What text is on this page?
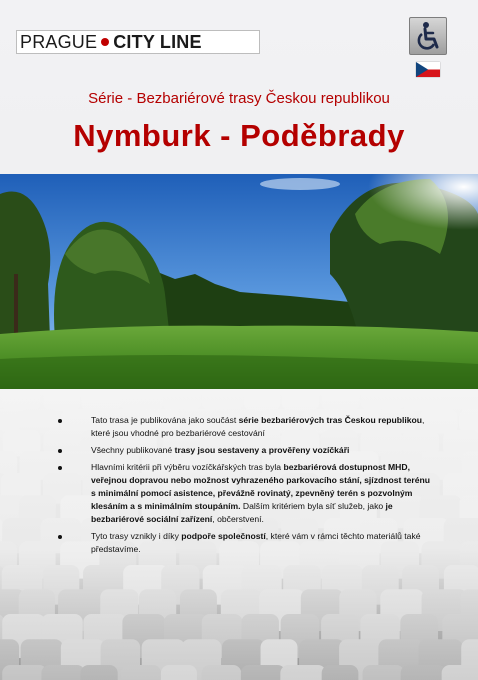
PRAGUE CITY LINE
Série - Bezbariérové trasy Českou republikou
Nymburk - Poděbrady
Tato trasa je publikována jako součást série bezbariérových tras Českou republikou, které jsou vhodné pro bezbariérové cestování
Všechny publikované trasy jsou sestaveny a prověřeny vozíčkáři
Hlavními kritérii při výběru vozíčkářských tras byla bezbariérová dostupnost MHD, veřejnou dopravou nebo možnost vyhrazeného parkovacího stání, sjízdnost terénu s minimální pomocí asistence, převážně rovinatý, zpevněný terén s pozvolným klesáním a s minimálním stoupáním. Dalším kritériem byla síť služeb, jako je bezbariérové sociální zařízení, občerstvení.
Tyto trasy vznikly i díky podpoře společností, které vám v rámci těchto materiálů také představíme.
